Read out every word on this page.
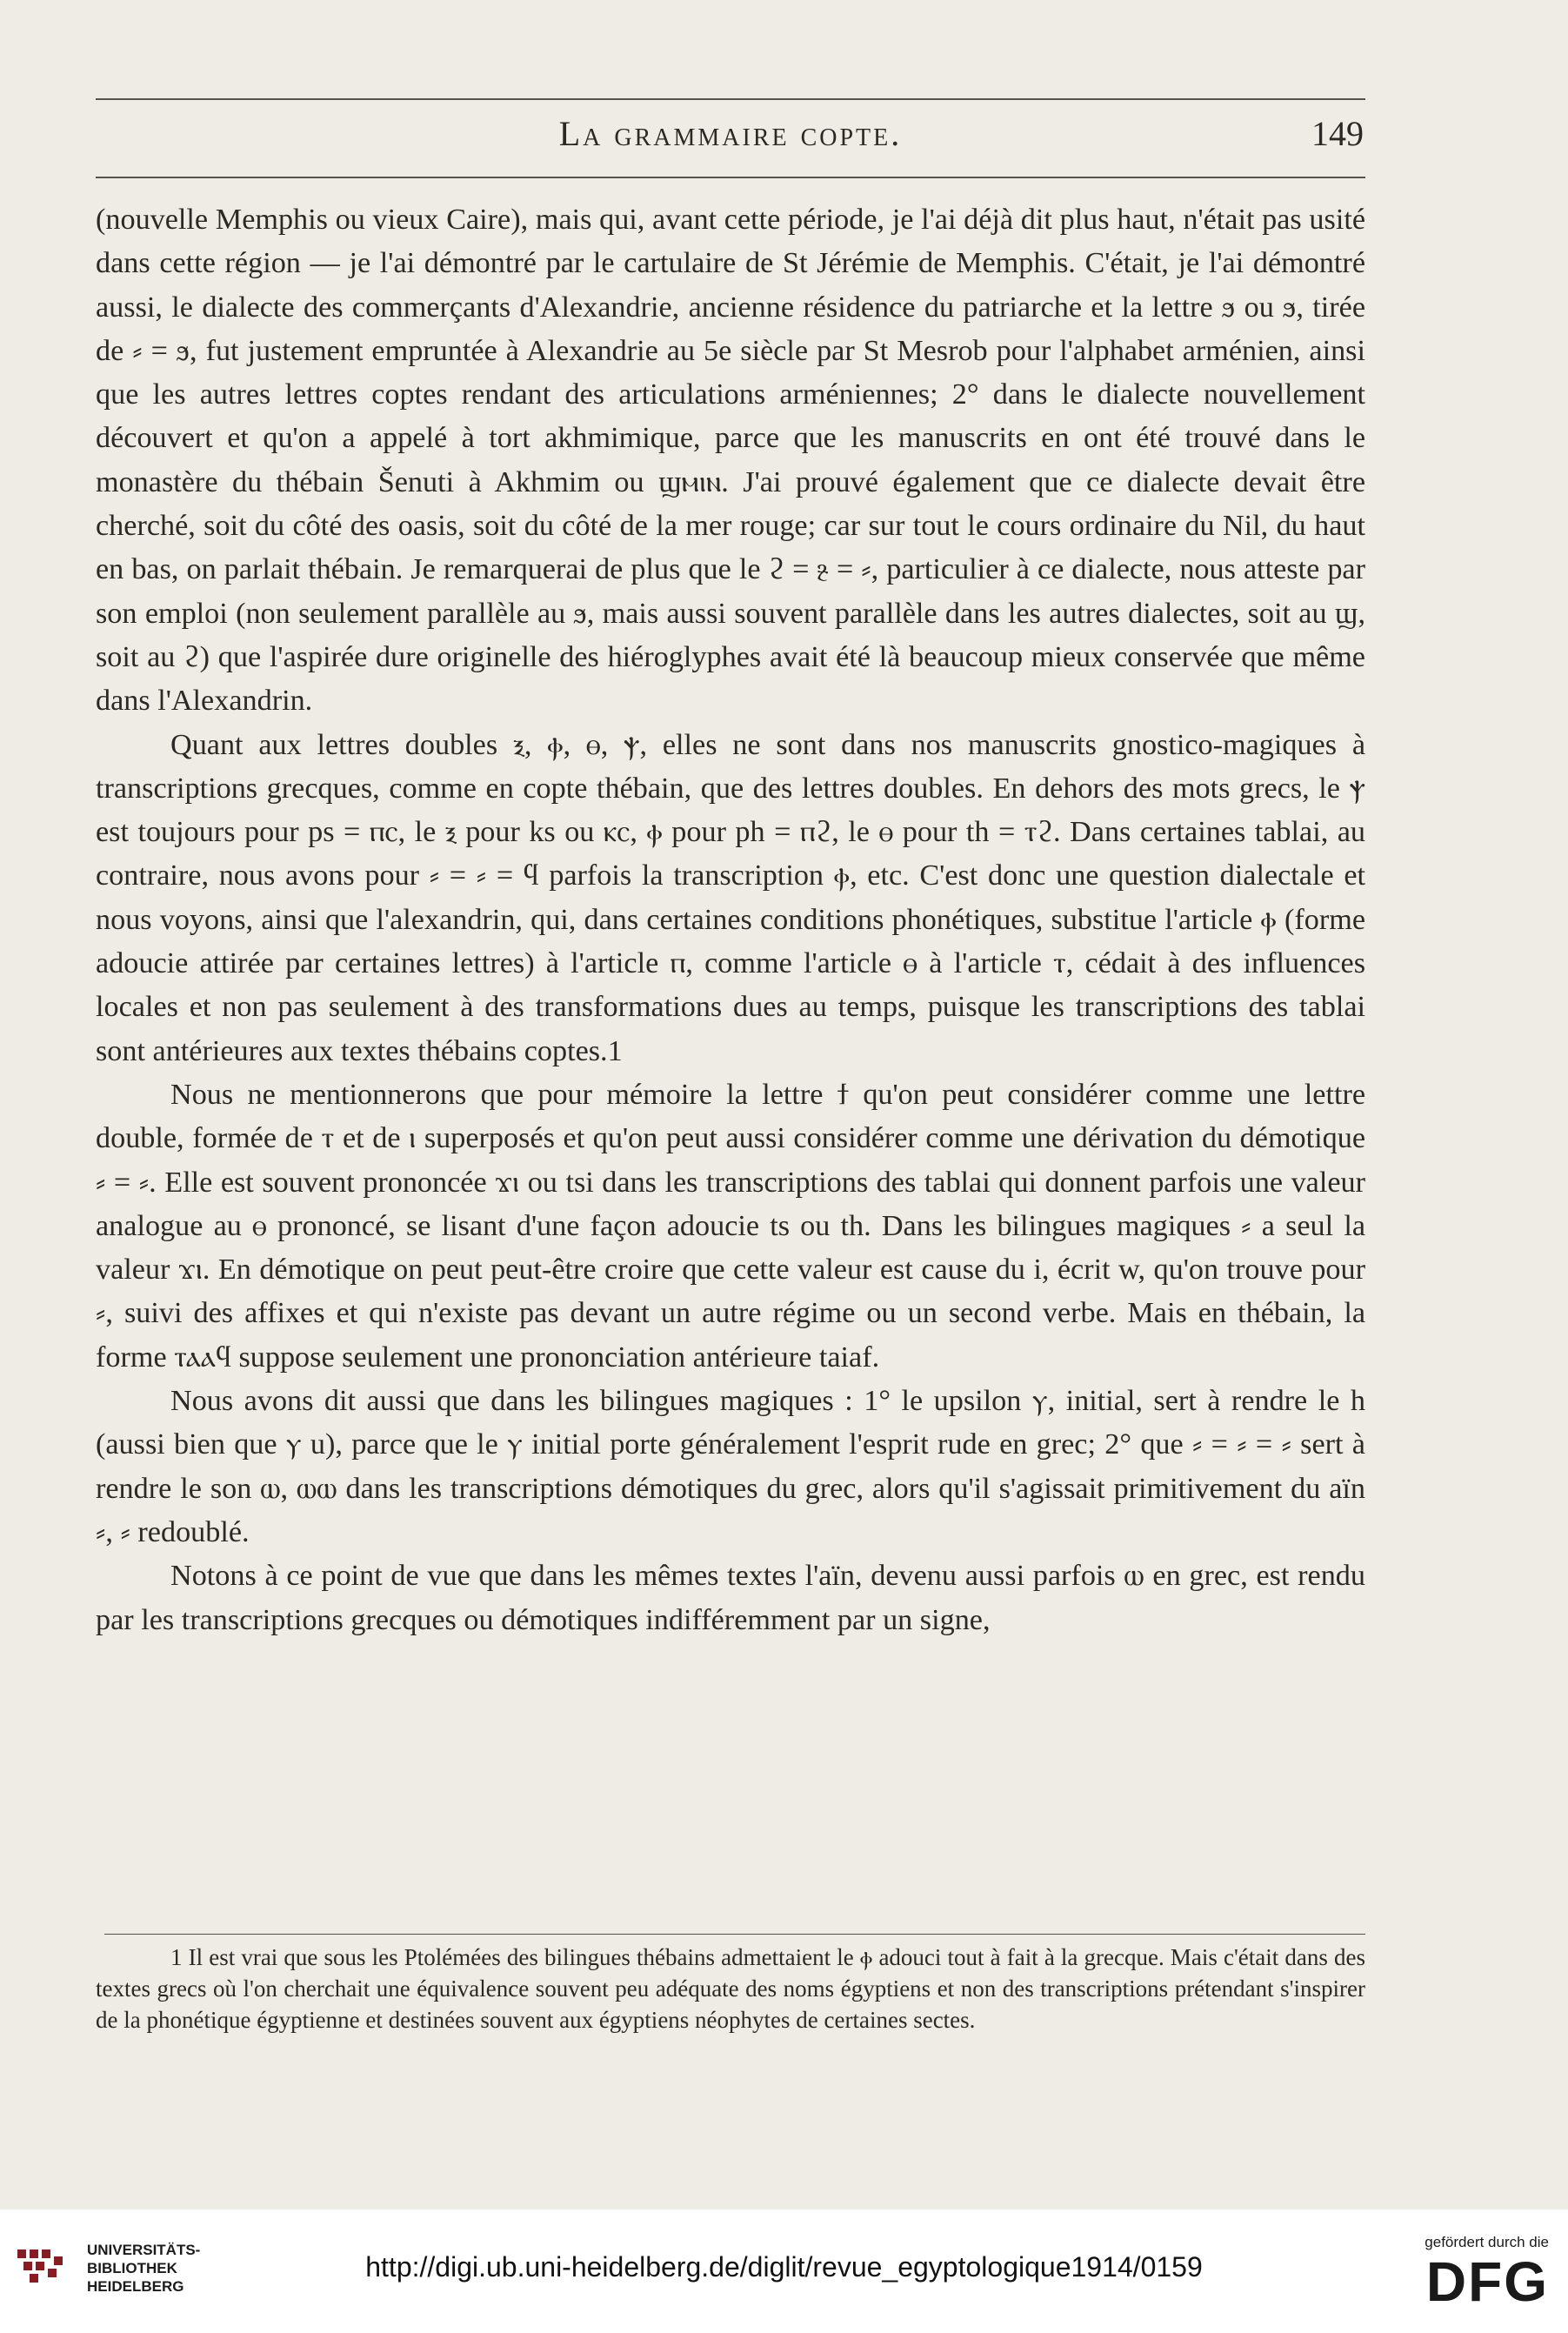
La grammaire copte.	149

(nouvelle Memphis ou vieux Caire), mais qui, avant cette période, je l'ai déjà dit plus haut, n'était pas usité dans cette région — je l'ai démontré par le cartulaire de St Jérémie de Memphis. C'était, je l'ai démontré aussi, le dialecte des commerçants d'Alexandrie, ancienne résidence du patriarche et la lettre ϧ ou ϧ, tirée de ⸗ = ϧ, fut justement empruntée à Alexandrie au 5e siècle par St Mesrob pour l'alphabet arménien, ainsi que les autres lettres coptes rendant des articulations arméniennes; 2° dans le dialecte nouvellement découvert et qu'on a appelé à tort akhmimique, parce que les manuscrits en ont été trouvé dans le monastère du thébain Šenuti à Akhmim ou ϣⲙⲓⲛ. J'ai prouvé également que ce dialecte devait être cherché, soit du côté des oasis, soit du côté de la mer rouge; car sur tout le cours ordinaire du Nil, du haut en bas, on parlait thébain. Je remarquerai de plus que le ϩ = ⳉ = ⸗, particulier à ce dialecte, nous atteste par son emploi (non seulement parallèle au ϧ, mais aussi souvent parallèle dans les autres dialectes, soit au ϣ, soit au ϩ) que l'aspirée dure originelle des hiéroglyphes avait été là beaucoup mieux conservée que même dans l'Alexandrin.

Quant aux lettres doubles ⲝ, ⲫ, ⲑ, ⲯ, elles ne sont dans nos manuscrits gnostico-magiques à transcriptions grecques, comme en copte thébain, que des lettres doubles. En dehors des mots grecs, le ⲯ est toujours pour ps = ⲡⲥ, le ⲝ pour ks ou ⲕⲥ, ⲫ pour ph = ⲡϩ, le ⲑ pour th = ⲧϩ. Dans certaines tablai, au contraire, nous avons pour ⸗ = ⸗ = ϥ parfois la transcription ⲫ, etc. C'est donc une question dialectale et nous voyons, ainsi que l'alexandrin, qui, dans certaines conditions phonétiques, substitue l'article ⲫ (forme adoucie attirée par certaines lettres) à l'article ⲡ, comme l'article ⲑ à l'article ⲧ, cédait à des influences locales et non pas seulement à des transformations dues au temps, puisque les transcriptions des tablai sont antérieures aux textes thébains coptes.1

Nous ne mentionnerons que pour mémoire la lettre ϯ qu'on peut considérer comme une lettre double, formée de ⲧ et de ⲓ superposés et qu'on peut aussi considérer comme une dérivation du démotique ⸗ = ⸗. Elle est souvent prononcée ϫⲓ ou tsi dans les transcriptions des tablai qui donnent parfois une valeur analogue au ⲑ prononcé, se lisant d'une façon adoucie ts ou th. Dans les bilingues magiques ⸗ a seul la valeur ϫⲓ. En démotique on peut peut-être croire que cette valeur est cause du i, écrit w, qu'on trouve pour ⸗, suivi des affixes et qui n'existe pas devant un autre régime ou un second verbe. Mais en thébain, la forme ⲧⲁⲁϥ suppose seulement une prononciation antérieure taiaf.

Nous avons dit aussi que dans les bilingues magiques : 1° le upsilon ⲩ, initial, sert à rendre le h (aussi bien que ⲩ u), parce que le ⲩ initial porte généralement l'esprit rude en grec; 2° que ⸗ = ⸗ = ⸗ sert à rendre le son ⲱ, ⲱⲱ dans les transcriptions démotiques du grec, alors qu'il s'agissait primitivement du aïn ⸗, ⸗ redoublé.

Notons à ce point de vue que dans les mêmes textes l'aïn, devenu aussi parfois ⲱ en grec, est rendu par les transcriptions grecques ou démotiques indifféremment par un signe,

1 Il est vrai que sous les Ptolémées des bilingues thébains admettaient le ⲫ adouci tout à fait à la grecque. Mais c'était dans des textes grecs où l'on cherchait une équivalence souvent peu adéquate des noms égyptiens et non des transcriptions prétendant s'inspirer de la phonétique égyptienne et destinées souvent aux égyptiens néophytes de certaines sectes.

UNIVERSITÄTS-
BIBLIOTHEK
HEIDELBERG
http://digi.ub.uni-heidelberg.de/diglit/revue_egyptologique1914/0159
gefördert durch die
DFG
